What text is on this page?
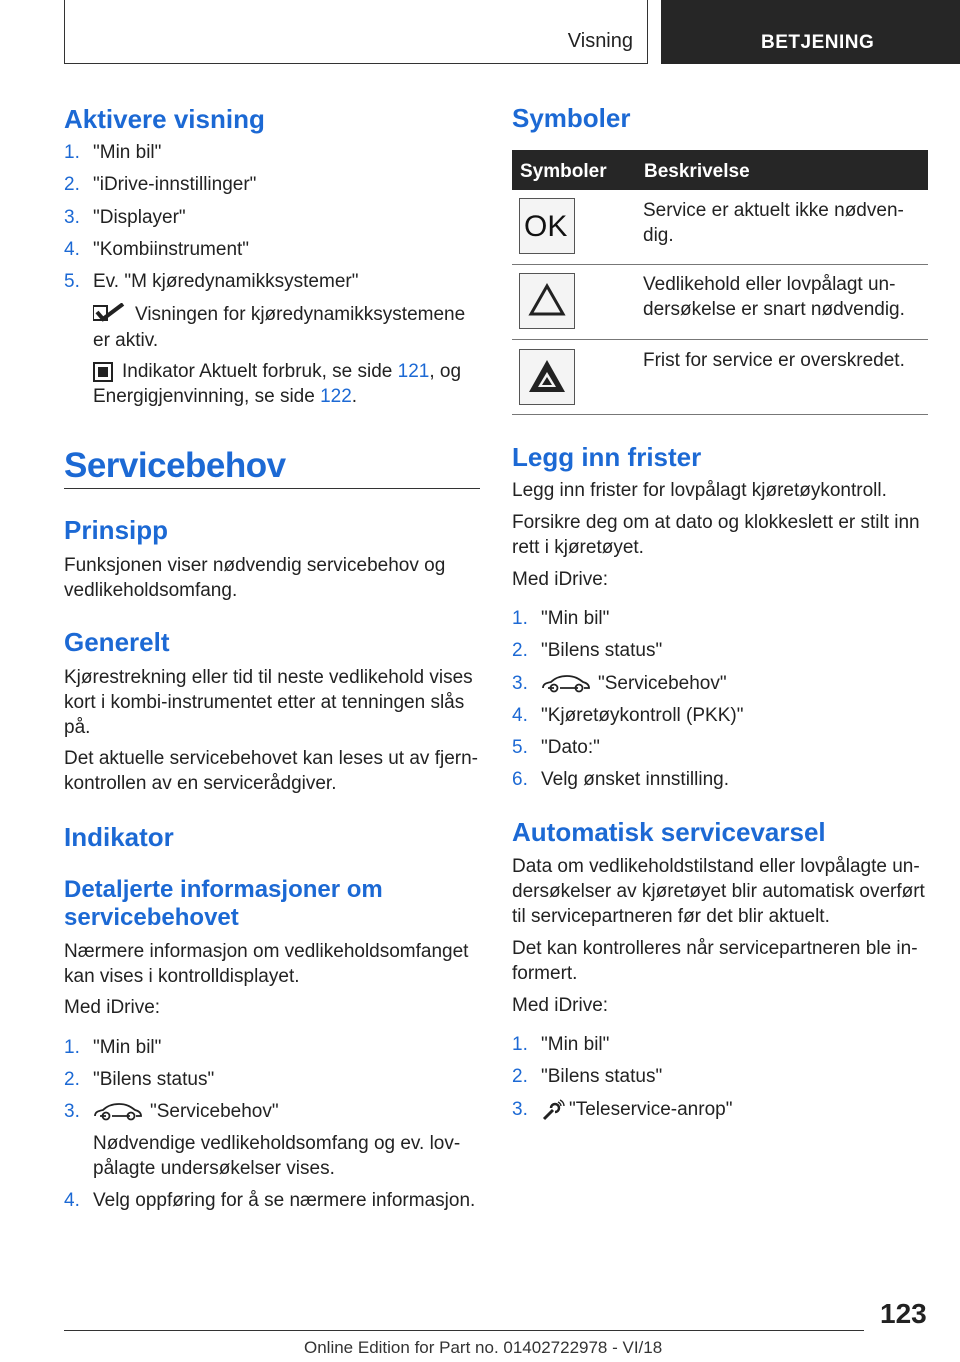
Visning	BETJENING
Aktivere visning
1. "Min bil"
2. "iDrive-innstillinger"
3. "Displayer"
4. "Kombiinstrument"
5. Ev. "M kjøredynamikksystemer"
Visningen for kjøredynamikksystemene
er aktiv.
Indikator Aktuelt forbruk, se side 121, og
Energigjenvinning, se side 122.
Servicebehov
Prinsipp

Funksjonen viser nødvendig servicebehov og

vedlikeholdsomfang.

Generelt

Kjørestrekning eller tid til neste vedlikehold vises

kort i kombi-instrumentet etter at tenningen slås

på.

Det aktuelle servicebehovet kan leses ut av fjern-

kontrollen av en servicerådgiver.

Indikator
Detaljerte informasjoner om
servicebehovet

Nærmere informasjon om vedlikeholdsomfanget

kan vises i kontrolldisplayet.

Med iDrive:

1. "Min bil"
2. "Bilens status"
3.	"Servicebehov"

Nødvendige vedlikeholdsomfang og ev. lov-

pålagte undersøkelser vises.

4. Velg oppføring for å se nærmere informasjon.
Symboler
Symboler Beskrivelse
OK	Service er aktuelt ikke nødven-
dig.
Vedlikehold eller lovpålagt un-
dersøkelse er snart nødvendig.
Frist for service er overskredet.
Legg inn frister

Legg inn frister for lovpålagt kjøretøykontroll.

Forsikre deg om at dato og klokkeslett er stilt inn

rett i kjøretøyet.

Med iDrive:

1. "Min bil"
2. "Bilens status"
3.	"Servicebehov"
4. "Kjøretøykontroll (PKK)"
5. "Dato:"
6. Velg ønsket innstilling.
Automatisk servicevarsel

Data om vedlikeholdstilstand eller lovpålagte un-

dersøkelser av kjøretøyet blir automatisk overført

til servicepartneren før det blir aktuelt.

Det kan kontrolleres når servicepartneren ble in-

formert.

Med iDrive:

1. "Min bil"
2. "Bilens status"
3. "Teleservice-anrop"
123
Online Edition for Part no. 01402722978 - VI/18
